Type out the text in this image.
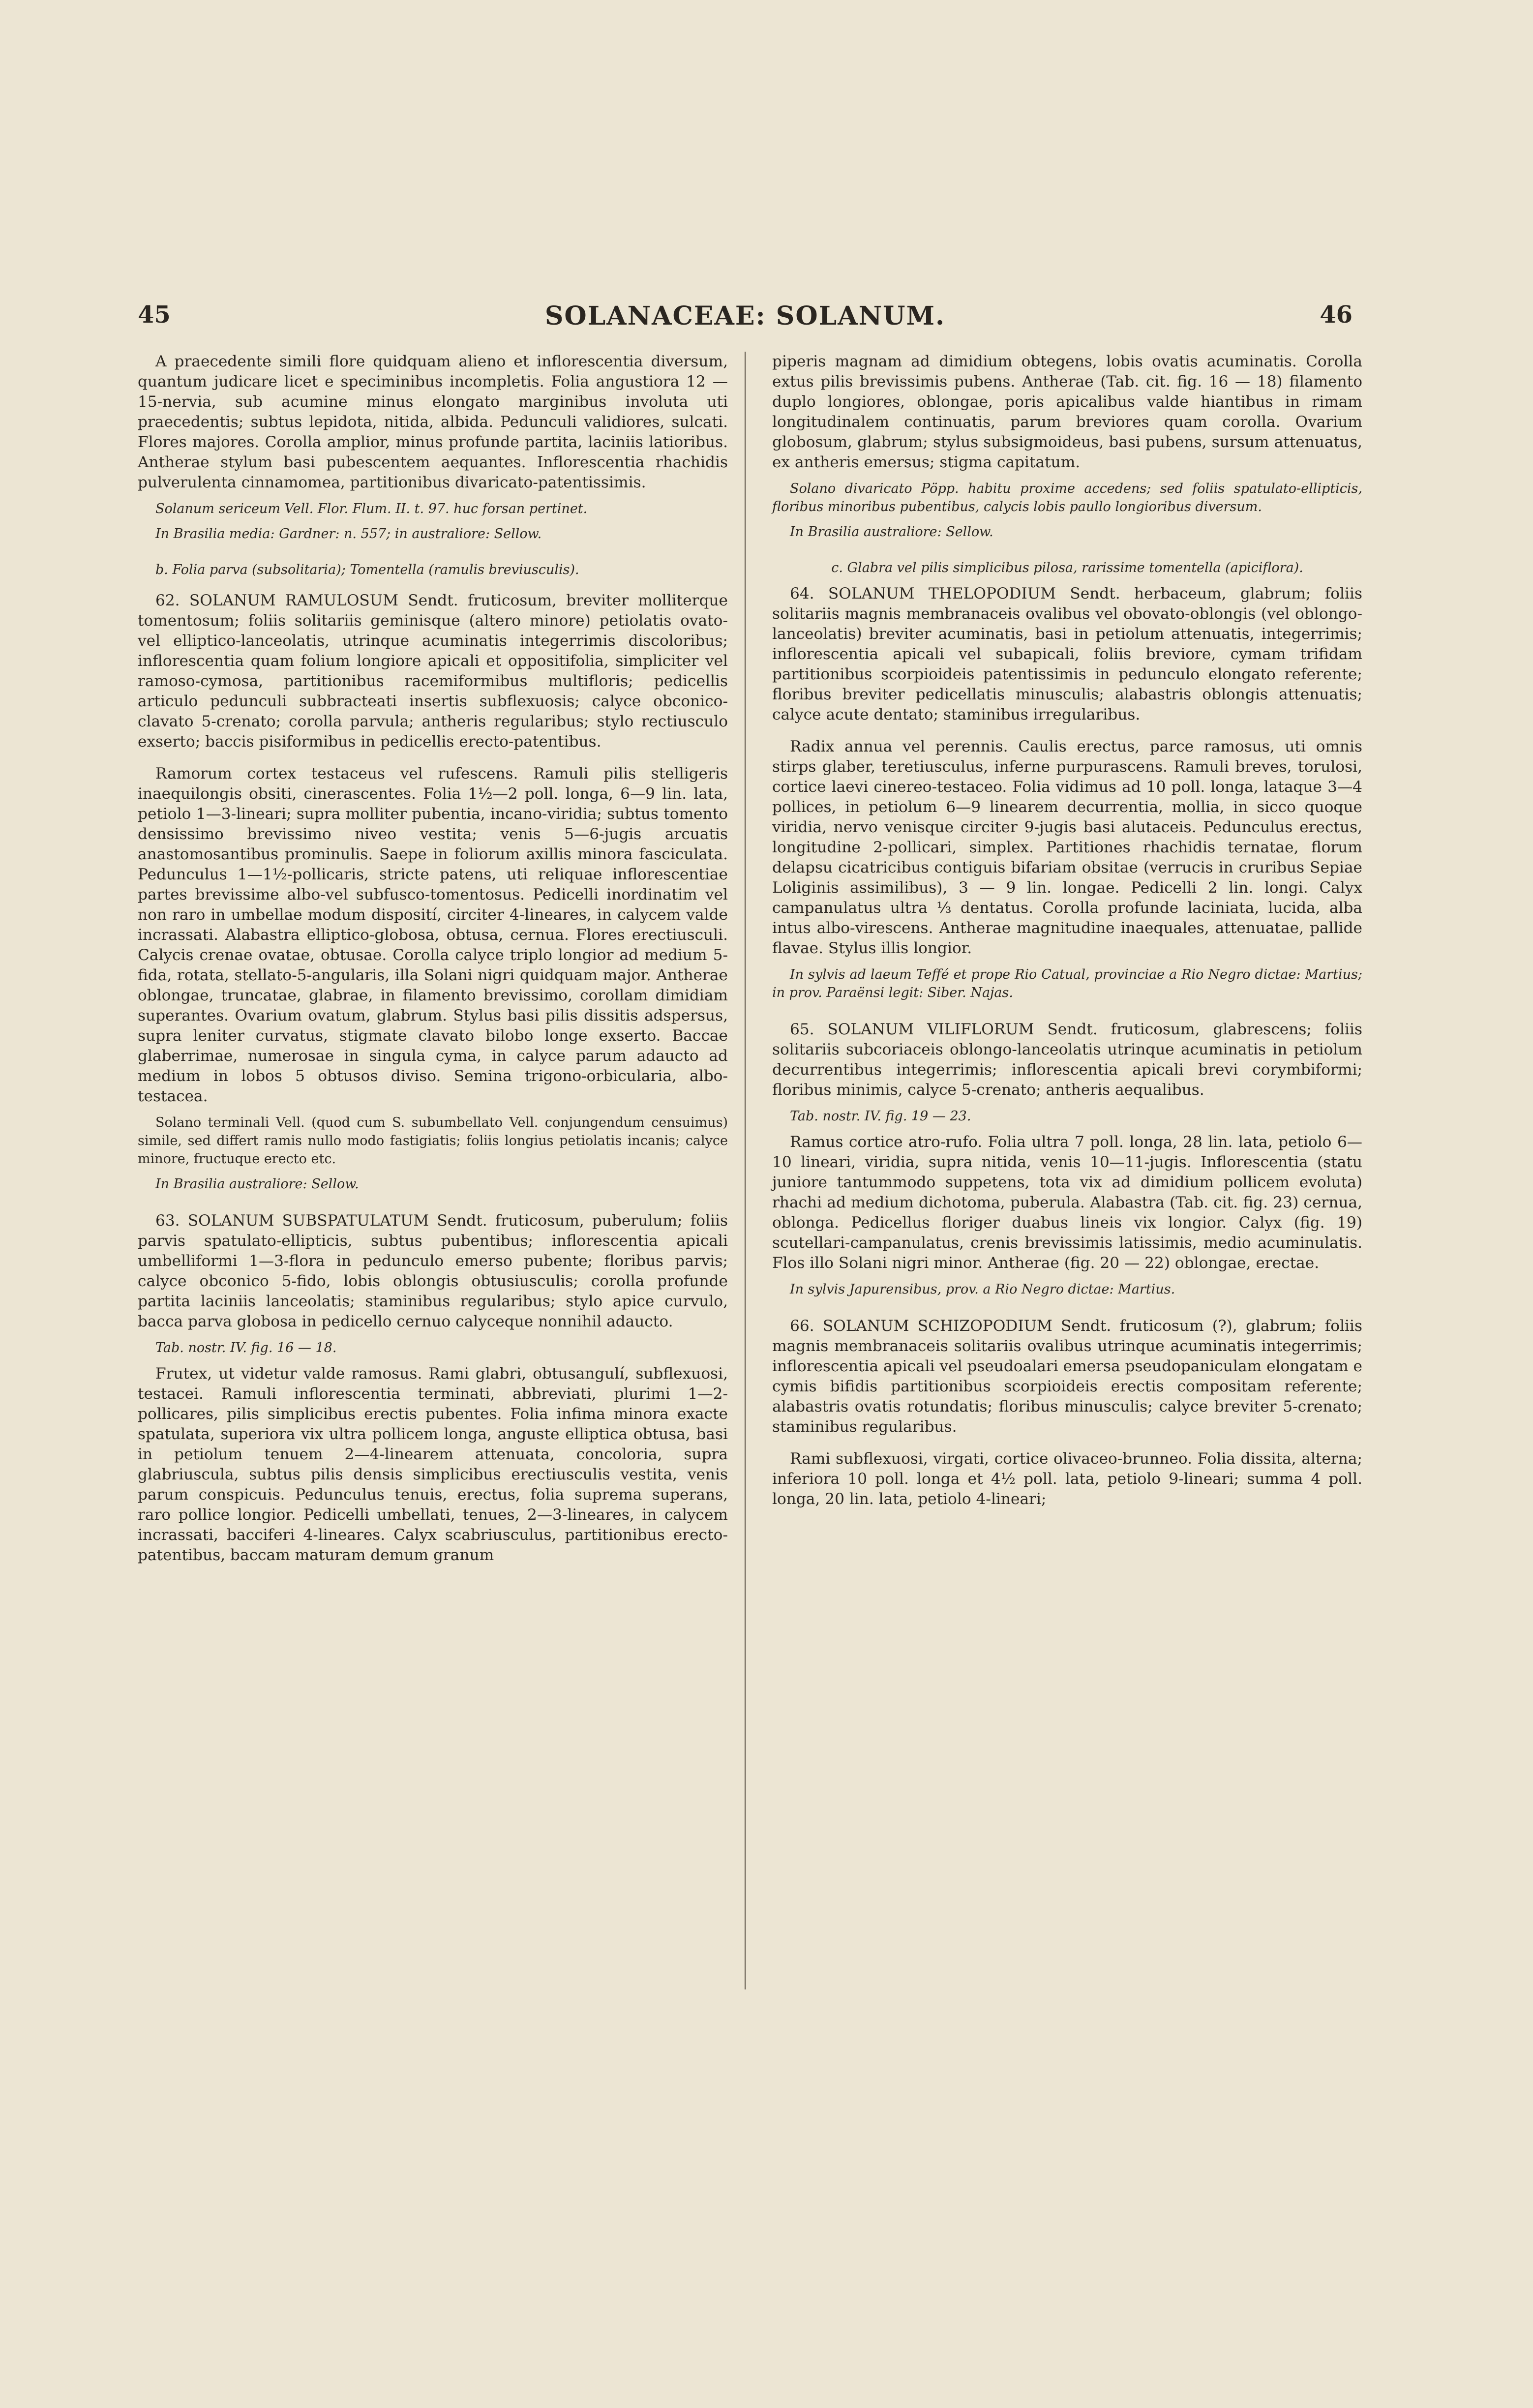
45	SOLANACEAE: SOLANUM.	46

A praecedente simili flore quidquam alieno et inflorescentia diversum, quantum judicare licet e speciminibus incompletis. Folia angustiora 12 — 15-nervia, sub acumine minus elongato marginibus involuta uti praecedentis; subtus lepidota, nitida, albida. Pedunculi validiores, sulcati. Flores majores. Corolla amplior, minus profunde partita, laciniis latioribus. Antherae stylum basi pubescentem aequantes. Inflorescentia rhachidis pulverulenta cinnamomea, partitionibus divaricato-patentissimis.

Solanum sericeum Vell. Flor. Flum. II. t. 97. huc forsan pertinet.

In Brasilia media: Gardner: n. 557; in australiore: Sellow.

b. Folia parva (subsolitaria); Tomentella (ramulis breviusculis).

62. SOLANUM RAMULOSUM Sendt. fruticosum, breviter molliterque tomentosum; foliis solitariis geminisque (altero minore) petiolatis ovato- vel elliptico-lanceolatis, utrinque acuminatis integerrimis discoloribus; inflorescentia quam folium longiore apicali et oppositifolia, simpliciter vel ramoso-cymosa, partitionibus racemiformibus multifloris; pedicellis articulo pedunculi subbracteati insertis subflexuosis; calyce obconico-clavato 5-crenato; corolla parvula; antheris regularibus; stylo rectiusculo exserto; baccis pisiformibus in pedicellis erecto-patentibus.

Ramorum cortex testaceus vel rufescens. Ramuli pilis stelligeris inaequilongis obsiti, cinerascentes. Folia 1½—2 poll. longa, 6—9 lin. lata, petiolo 1—3-lineari; supra molliter pubentia, incano-viridia; subtus tomento densissimo brevissimo niveo vestita; venis 5—6-jugis arcuatis anastomosantibus prominulis. Saepe in foliorum axillis minora fasciculata. Pedunculus 1—1½-pollicaris, stricte patens, uti reliquae inflorescentiae partes brevissime albo-vel subfusco-tomentosus. Pedicelli inordinatim vel non raro in umbellae modum disposití, circiter 4-lineares, in calycem valde incrassati. Alabastra elliptico-globosa, obtusa, cernua. Flores erectiusculi. Calycis crenae ovatae, obtusae. Corolla calyce triplo longior ad medium 5-fida, rotata, stellato-5-angularis, illa Solani nigri quidquam major. Antherae oblongae, truncatae, glabrae, in filamento brevissimo, corollam dimidiam superantes. Ovarium ovatum, glabrum. Stylus basi pilis dissitis adspersus, supra leniter curvatus, stigmate clavato bilobo longe exserto. Baccae glaberrimae, numerosae in singula cyma, in calyce parum adaucto ad medium in lobos 5 obtusos diviso. Semina trigono-orbicularia, albo-testacea.

Solano terminali Vell. (quod cum S. subumbellato Vell. conjungendum censuimus) simile, sed differt ramis nullo modo fastigiatis; foliis longius petiolatis incanis; calyce minore, fructuque erecto etc.

In Brasilia australiore: Sellow.

63. SOLANUM SUBSPATULATUM Sendt. fruticosum, puberulum; foliis parvis spatulato-ellipticis, subtus pubentibus; inflorescentia apicali umbelliformi 1—3-flora in pedunculo emerso pubente; floribus parvis; calyce obconico 5-fido, lobis oblongis obtusiusculis; corolla profunde partita laciniis lanceolatis; staminibus regularibus; stylo apice curvulo, bacca parva globosa in pedicello cernuo calyceque nonnihil adaucto.

Tab. nostr. IV. fig. 16 — 18.

Frutex, ut videtur valde ramosus. Rami glabri, obtusangulí, subflexuosi, testacei. Ramuli inflorescentia terminati, abbreviati, plurimi 1—2-pollicares, pilis simplicibus erectis pubentes. Folia infima minora exacte spatulata, superiora vix ultra pollicem longa, anguste elliptica obtusa, basi in petiolum tenuem 2—4-linearem attenuata, concoloria, supra glabriuscula, subtus pilis densis simplicibus erectiusculis vestita, venis parum conspicuis. Pedunculus tenuis, erectus, folia suprema superans, raro pollice longior. Pedicelli umbellati, tenues, 2—3-lineares, in calycem incrassati, bacciferi 4-lineares. Calyx scabriusculus, partitionibus erecto-patentibus, baccam maturam demum granum

piperis magnam ad dimidium obtegens, lobis ovatis acuminatis. Corolla extus pilis brevissimis pubens. Antherae (Tab. cit. fig. 16 — 18) filamento duplo longiores, oblongae, poris apicalibus valde hiantibus in rimam longitudinalem continuatis, parum breviores quam corolla. Ovarium globosum, glabrum; stylus subsigmoideus, basi pubens, sursum attenuatus, ex antheris emersus; stigma capitatum.

Solano divaricato Pöpp. habitu proxime accedens; sed foliis spatulato-ellipticis, floribus minoribus pubentibus, calycis lobis paullo longioribus diversum.

In Brasilia australiore: Sellow.

c. Glabra vel pilis simplicibus pilosa, rarissime tomentella (apiciflora).

64. SOLANUM THELOPODIUM Sendt. herbaceum, glabrum; foliis solitariis magnis membranaceis ovalibus vel obovato-oblongis (vel oblongo-lanceolatis) breviter acuminatis, basi in petiolum attenuatis, integerrimis; inflorescentia apicali vel subapicali, foliis breviore, cymam trifidam partitionibus scorpioideis patentissimis in pedunculo elongato referente; floribus breviter pedicellatis minusculis; alabastris oblongis attenuatis; calyce acute dentato; staminibus irregularibus.

Radix annua vel perennis. Caulis erectus, parce ramosus, uti omnis stirps glaber, teretiusculus, inferne purpurascens. Ramuli breves, torulosi, cortice laevi cinereo-testaceo. Folia vidimus ad 10 poll. longa, lataque 3—4 pollices, in petiolum 6—9 linearem decurrentia, mollia, in sicco quoque viridia, nervo venisque circiter 9-jugis basi alutaceis. Pedunculus erectus, longitudine 2-pollicari, simplex. Partitiones rhachidis ternatae, florum delapsu cicatricibus contiguis bifariam obsitae (verrucis in cruribus Sepiae Loliginis assimilibus), 3 — 9 lin. longae. Pedicelli 2 lin. longi. Calyx campanulatus ultra ⅓ dentatus. Corolla profunde laciniata, lucida, alba intus albo-virescens. Antherae magnitudine inaequales, attenuatae, pallide flavae. Stylus illis longior.

In sylvis ad laeum Teffé et prope Rio Catual, provinciae a Rio Negro dictae: Martius; in prov. Paraënsi legit: Siber. Najas.

65. SOLANUM VILIFLORUM Sendt. fruticosum, glabrescens; foliis solitariis subcoriaceis oblongo-lanceolatis utrinque acuminatis in petiolum decurrentibus integerrimis; inflorescentia apicali brevi corymbiformi; floribus minimis, calyce 5-crenato; antheris aequalibus.

Tab. nostr. IV. fig. 19 — 23.

Ramus cortice atro-rufo. Folia ultra 7 poll. longa, 28 lin. lata, petiolo 6—10 lineari, viridia, supra nitida, venis 10—11-jugis. Inflorescentia (statu juniore tantummodo suppetens, tota vix ad dimidium pollicem evoluta) rhachi ad medium dichotoma, puberula. Alabastra (Tab. cit. fig. 23) cernua, oblonga. Pedicellus floriger duabus lineis vix longior. Calyx (fig. 19) scutellari-campanulatus, crenis brevissimis latissimis, medio acuminulatis. Flos illo Solani nigri minor. Antherae (fig. 20 — 22) oblongae, erectae.

In sylvis Japurensibus, prov. a Rio Negro dictae: Martius.

66. SOLANUM SCHIZOPODIUM Sendt. fruticosum (?), glabrum; foliis magnis membranaceis solitariis ovalibus utrinque acuminatis integerrimis; inflorescentia apicali vel pseudoalari emersa pseudopaniculam elongatam e cymis bifidis partitionibus scorpioideis erectis compositam referente; alabastris ovatis rotundatis; floribus minusculis; calyce breviter 5-crenato; staminibus regularibus.

Rami subflexuosi, virgati, cortice olivaceo-brunneo. Folia dissita, alterna; inferiora 10 poll. longa et 4½ poll. lata, petiolo 9-lineari; summa 4 poll. longa, 20 lin. lata, petiolo 4-lineari;
